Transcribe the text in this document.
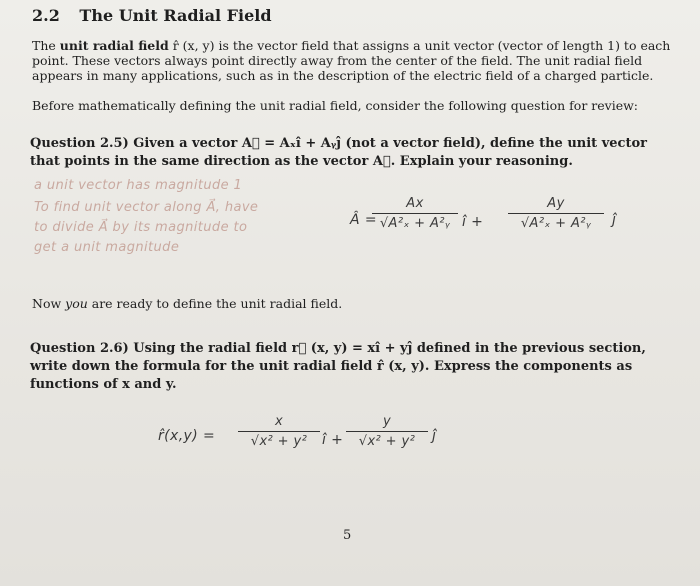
2.2 The Unit Radial Field
The unit radial field r̂ (x, y) is the vector field that assigns a unit vector (vector of length 1) to each point. These vectors always point directly away from the center of the field. The unit radial field appears in many applications, such as in the description of the electric field of a charged particle.
Before mathematically defining the unit radial field, consider the following question for review:
Question 2.5) Given a vector A⃗ = Aₓî + Aᵧĵ (not a vector field), define the unit vector that points in the same direction as the vector A⃗. Explain your reasoning.
a unit vector has magnitude 1
To find unit vector along A⃗, have
to divide A⃗ by its magnitude to
get a unit magnitude
Â =
$\frac{Ax}{\text{√A²ₓ + A²ᵧ}}$ î + $\frac{Ay}{\text{√A²ₓ + A²ᵧ}}$ ĵ
Now you are ready to define the unit radial field.
Question 2.6) Using the radial field r⃗ (x, y) = xî + yĵ defined in the previous section, write down the formula for the unit radial field r̂ (x, y). Express the components as functions of x and y.
r̂(x,y) = $\frac{x}{\text{√x² + y²}}$ î + $\frac{y}{\text{√x² + y²}}$ ĵ
5
